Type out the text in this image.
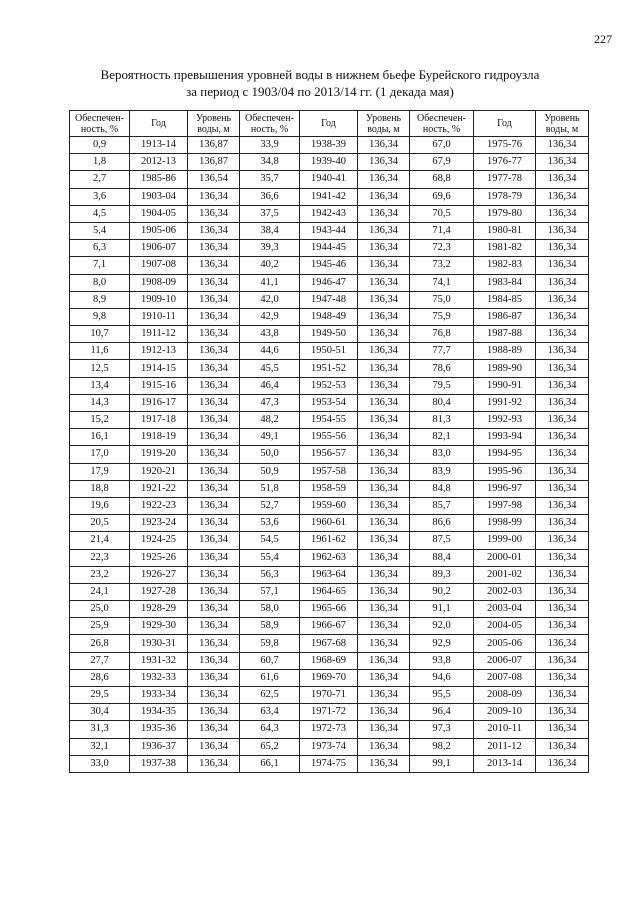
227
Вероятность превышения уровней воды в нижнем бьефе Бурейского гидроузла
за период с 1903/04 по 2013/14 гг. (1 декада мая)
Обеспечен-ность, %	Год	Уровень воды, м	Обеспечен-ность, %	Год	Уровень воды, м	Обеспечен-ность, %	Год	Уровень воды, м
0,9	1913-14	136,87	33,9	1938-39	136,34	67,0	1975-76	136,34
1,8	2012-13	136,87	34,8	1939-40	136,34	67,9	1976-77	136,34
2,7	1985-86	136,54	35,7	1940-41	136,34	68,8	1977-78	136,34
3,6	1903-04	136,34	36,6	1941-42	136,34	69,6	1978-79	136,34
4,5	1904-05	136,34	37,5	1942-43	136,34	70,5	1979-80	136,34
5,4	1905-06	136,34	38,4	1943-44	136,34	71,4	1980-81	136,34
6,3	1906-07	136,34	39,3	1944-45	136,34	72,3	1981-82	136,34
7,1	1907-08	136,34	40,2	1945-46	136,34	73,2	1982-83	136,34
8,0	1908-09	136,34	41,1	1946-47	136,34	74,1	1983-84	136,34
8,9	1909-10	136,34	42,0	1947-48	136,34	75,0	1984-85	136,34
9,8	1910-11	136,34	42,9	1948-49	136,34	75,9	1986-87	136,34
10,7	1911-12	136,34	43,8	1949-50	136,34	76,8	1987-88	136,34
11,6	1912-13	136,34	44,6	1950-51	136,34	77,7	1988-89	136,34
12,5	1914-15	136,34	45,5	1951-52	136,34	78,6	1989-90	136,34
13,4	1915-16	136,34	46,4	1952-53	136,34	79,5	1990-91	136,34
14,3	1916-17	136,34	47,3	1953-54	136,34	80,4	1991-92	136,34
15,2	1917-18	136,34	48,2	1954-55	136,34	81,3	1992-93	136,34
16,1	1918-19	136,34	49,1	1955-56	136,34	82,1	1993-94	136,34
17,0	1919-20	136,34	50,0	1956-57	136,34	83,0	1994-95	136,34
17,9	1920-21	136,34	50,9	1957-58	136,34	83,9	1995-96	136,34
18,8	1921-22	136,34	51,8	1958-59	136,34	84,8	1996-97	136,34
19,6	1922-23	136,34	52,7	1959-60	136,34	85,7	1997-98	136,34
20,5	1923-24	136,34	53,6	1960-61	136,34	86,6	1998-99	136,34
21,4	1924-25	136,34	54,5	1961-62	136,34	87,5	1999-00	136,34
22,3	1925-26	136,34	55,4	1962-63	136,34	88,4	2000-01	136,34
23,2	1926-27	136,34	56,3	1963-64	136,34	89,3	2001-02	136,34
24,1	1927-28	136,34	57,1	1964-65	136,34	90,2	2002-03	136,34
25,0	1928-29	136,34	58,0	1965-66	136,34	91,1	2003-04	136,34
25,9	1929-30	136,34	58,9	1966-67	136,34	92,0	2004-05	136,34
26,8	1930-31	136,34	59,8	1967-68	136,34	92,9	2005-06	136,34
27,7	1931-32	136,34	60,7	1968-69	136,34	93,8	2006-07	136,34
28,6	1932-33	136,34	61,6	1969-70	136,34	94,6	2007-08	136,34
29,5	1933-34	136,34	62,5	1970-71	136,34	95,5	2008-09	136,34
30,4	1934-35	136,34	63,4	1971-72	136,34	96,4	2009-10	136,34
31,3	1935-36	136,34	64,3	1972-73	136,34	97,3	2010-11	136,34
32,1	1936-37	136,34	65,2	1973-74	136,34	98,2	2011-12	136,34
33,0	1937-38	136,34	66,1	1974-75	136,34	99,1	2013-14	136,34
